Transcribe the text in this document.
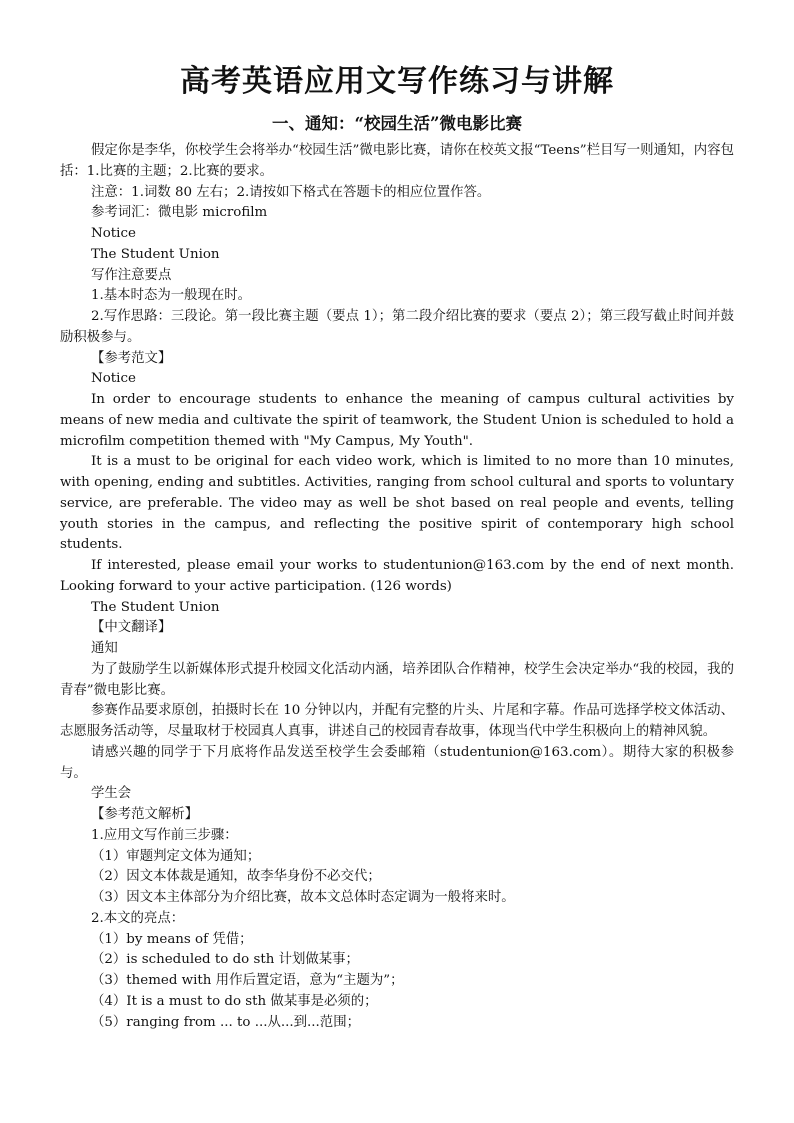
高考英语应用文写作练习与讲解
一、通知：“校园生活”微电影比赛

假定你是李华，你校学生会将举办“校园生活”微电影比赛，请你在校英文报“Teens”栏目写一则通知，内容包括：1.比赛的主题；2.比赛的要求。

注意：1.词数 80 左右；2.请按如下格式在答题卡的相应位置作答。

参考词汇：微电影 microfilm

Notice

The Student Union

写作注意要点

1.基本时态为一般现在时。

2.写作思路：三段论。第一段比赛主题（要点 1）；第二段介绍比赛的要求（要点 2）；第三段写截止时间并鼓励积极参与。

【参考范文】

Notice

In order to encourage students to enhance the meaning of campus cultural activities by means of new media and cultivate the spirit of teamwork, the Student Union is scheduled to hold a microfilm competition themed with "My Campus, My Youth".

It is a must to be original for each video work, which is limited to no more than 10 minutes, with opening, ending and subtitles. Activities, ranging from school cultural and sports to voluntary service, are preferable. The video may as well be shot based on real people and events, telling youth stories in the campus, and reflecting the positive spirit of contemporary high school students.

If interested, please email your works to studentunion@163.com by the end of next month. Looking forward to your active participation. (126 words)

The Student Union

【中文翻译】

通知

为了鼓励学生以新媒体形式提升校园文化活动内涵，培养团队合作精神，校学生会决定举办“我的校园，我的青春”微电影比赛。

参赛作品要求原创，拍摄时长在 10 分钟以内，并配有完整的片头、片尾和字幕。作品可选择学校文体活动、志愿服务活动等，尽量取材于校园真人真事，讲述自己的校园青春故事，体现当代中学生积极向上的精神风貌。

请感兴趣的同学于下月底将作品发送至校学生会委邮箱（studentunion@163.com）。期待大家的积极参与。

学生会

【参考范文解析】

1.应用文写作前三步骤：

（1）审题判定文体为通知；

（2）因文本体裁是通知，故李华身份不必交代；

（3）因文本主体部分为介绍比赛，故本文总体时态定调为一般将来时。

2.本文的亮点：

（1）by means of 凭借；

（2）is scheduled to do sth 计划做某事；

（3）themed with 用作后置定语，意为“主题为”；

（4）It is a must to do sth 做某事是必须的；

（5）ranging from ... to ...从...到...范围；
